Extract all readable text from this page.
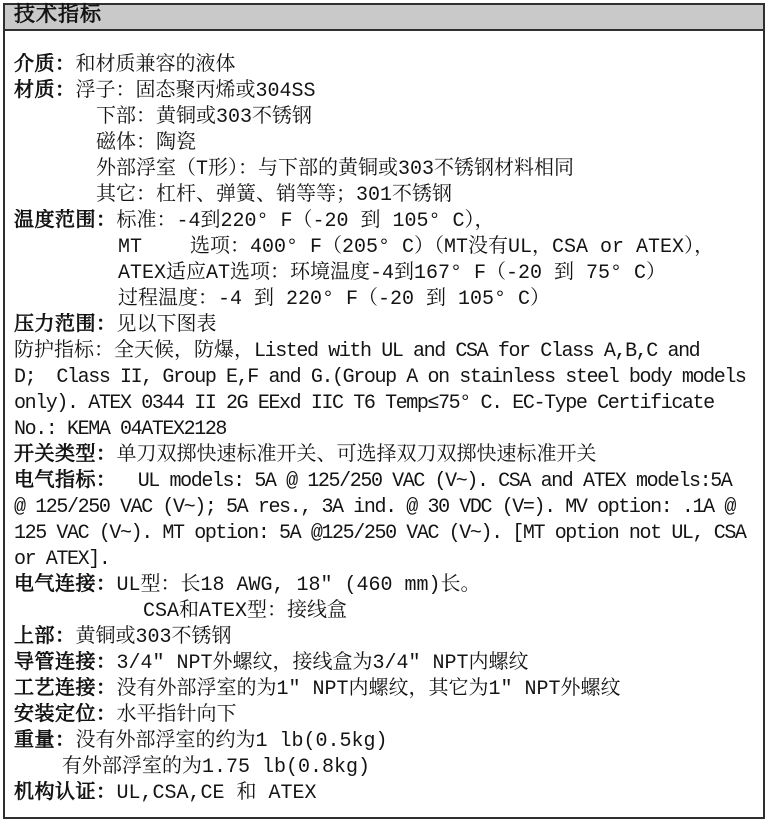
技术指标
介质：和材质兼容的液体
材质：浮子：固态聚丙烯或304SS
下部：黄铜或303不锈钢
磁体：陶瓷
外部浮室（T形）：与下部的黄铜或303不锈钢材料相同
其它：杠杆、弹簧、销等等；301不锈钢
温度范围：标准：-4到220° F（-20 到 105° C），
MT    选项：400° F（205° C）（MT没有UL，CSA or ATEX），
ATEX适应AT选项：环境温度-4到167° F（-20 到 75° C）
过程温度：-4 到 220° F（-20 到 105° C）
压力范围：见以下图表
防护指标：全天候，防爆，Listed with UL and CSA for Class A,B,C and
D;  Class II, Group E,F and G.(Group A on stainless steel body models
only). ATEX 0344 II 2G EExd IIC T6 Temp≤75° C. EC-Type Certificate
No.: KEMA 04ATEX2128
开关类型：单刀双掷快速标准开关、可选择双刀双掷快速标准开关
电气指标：  UL models: 5A @ 125/250 VAC (V~). CSA and ATEX models:5A
@ 125/250 VAC (V~); 5A res., 3A ind. @ 30 VDC (V=). MV option: .1A @
125 VAC (V~). MT option: 5A @125/250 VAC (V~). [MT option not UL, CSA
or ATEX].
电气连接：UL型：长18 AWG, 18″ (460 mm)长。
CSA和ATEX型：接线盒
上部：黄铜或303不锈钢
导管连接：3/4″ NPT外螺纹，接线盒为3/4″ NPT内螺纹
工艺连接：没有外部浮室的为1″ NPT内螺纹，其它为1″ NPT外螺纹
安装定位：水平指针向下
重量：没有外部浮室的约为1 lb(0.5kg)
有外部浮室的为1.75 lb(0.8kg)
机构认证：UL,CSA,CE 和 ATEX
